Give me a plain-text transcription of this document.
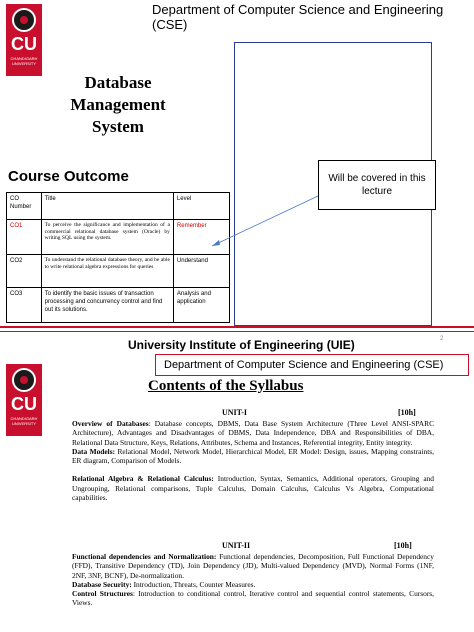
CU
CHANDIGARH UNIVERSITY
Department of Computer Science and Engineering (CSE)
Database
Management
System
Course Outcome
CO Number	Title	Level
CO1	To perceive the significance and implementation of a commercial relational database system (Oracle) by writing SQL using the system.	Remember
CO2	To understand the relational database theory, and be able to write relational algebra expressions for queries	Understand
CO3	To identify the basic issues of transaction processing and concurrency control and find out its solutions.	Analysis and application
Will be covered in this lecture
2
University Institute of Engineering (UIE)
CU
CHANDIGARH UNIVERSITY
Department of Computer Science and Engineering (CSE)
Contents of the Syllabus
UNIT-I	[10h]

Overview of Databases: Database concepts, DBMS, Data Base System Architecture (Three Level ANSI-SPARC Architecture), Advantages and Disadvantages of DBMS, Data Independence, DBA and Responsibilities of DBA, Relational Data Structure, Keys, Relations, Attributes, Schema and Instances, Referential integrity, Entity integrity.

Data Models: Relational Model, Network Model, Hierarchical Model, ER Model: Design, issues, Mapping constraints, ER diagram, Comparison of Models.

Relational Algebra & Relational Calculus: Introduction, Syntax, Semantics, Additional operators, Grouping and Ungrouping, Relational comparisons, Tuple Calculus, Domain Calculus, Calculus Vs Algebra, Computational capabilities.

UNIT-II	[10h]

Functional dependencies and Normalization: Functional dependencies, Decomposition, Full Functional Dependency (FFD), Transitive Dependency (TD), Join Dependency (JD), Multi-valued Dependency (MVD), Normal Forms (1NF, 2NF, 3NF, BCNF), De-normalization.

Database Security: Introduction, Threats, Counter Measures.

Control Structures: Introduction to conditional control, Iterative control and sequential control statements, Cursors, Views.
